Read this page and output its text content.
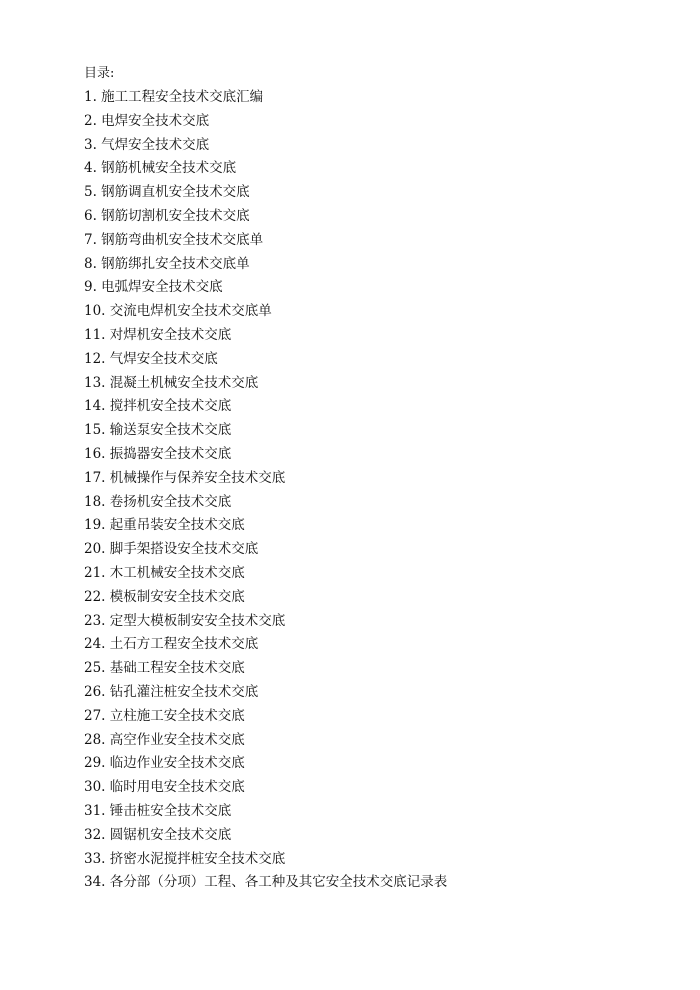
目录:
1. 施工工程安全技术交底汇编
2. 电焊安全技术交底
3. 气焊安全技术交底
4. 钢筋机械安全技术交底
5. 钢筋调直机安全技术交底
6. 钢筋切割机安全技术交底
7. 钢筋弯曲机安全技术交底单
8. 钢筋绑扎安全技术交底单
9. 电弧焊安全技术交底
10. 交流电焊机安全技术交底单
11. 对焊机安全技术交底
12. 气焊安全技术交底
13. 混凝土机械安全技术交底
14. 搅拌机安全技术交底
15. 输送泵安全技术交底
16. 振捣器安全技术交底
17. 机械操作与保养安全技术交底
18. 卷扬机安全技术交底
19. 起重吊装安全技术交底
20. 脚手架搭设安全技术交底
21. 木工机械安全技术交底
22. 模板制安安全技术交底
23. 定型大模板制安安全技术交底
24. 土石方工程安全技术交底
25. 基础工程安全技术交底
26. 钻孔灌注桩安全技术交底
27. 立柱施工安全技术交底
28. 高空作业安全技术交底
29. 临边作业安全技术交底
30. 临时用电安全技术交底
31. 锤击桩安全技术交底
32. 圆锯机安全技术交底
33. 挤密水泥搅拌桩安全技术交底
34. 各分部（分项）工程、各工种及其它安全技术交底记录表
